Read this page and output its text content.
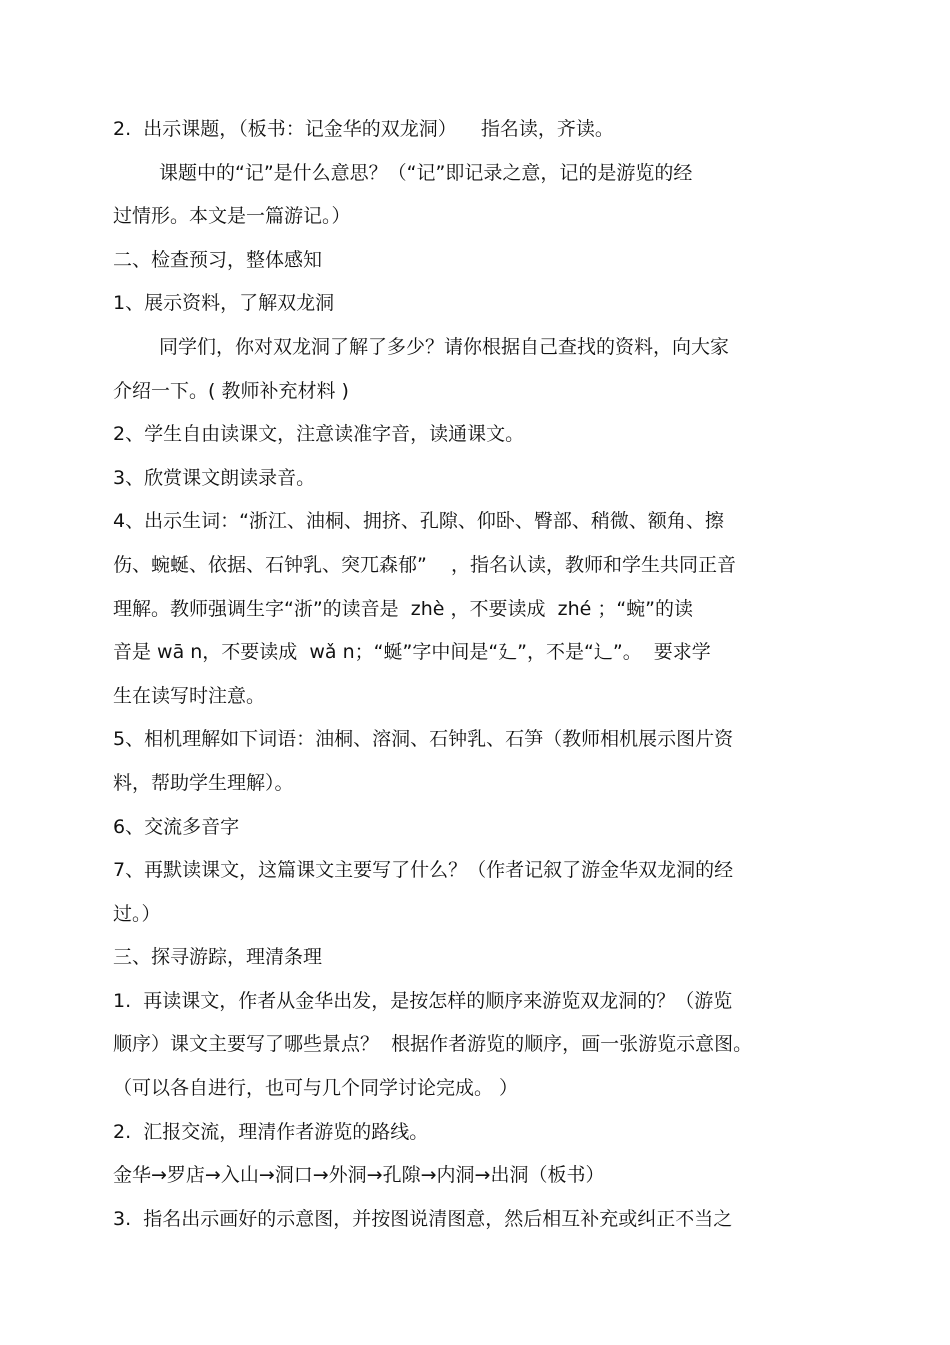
2.  出示课题，（板书：记金华的双龙洞）    指名读，齐读。
课题中的“记”是什么意思？（“记”即记录之意，记的是游览的经
过情形。本文是一篇游记。）
二、检查预习，整体感知
1、展示资料，了解双龙洞
同学们，你对双龙洞了解了多少？请你根据自己查找的资料，向大家
介绍一下。( 教师补充材料 )
2、学生自由读课文，注意读准字音，读通课文。
3、欣赏课文朗读录音。
4、出示生词：“浙江、油桐、拥挤、孔隙、仰卧、臀部、稍微、额角、擦
伤、蜿蜒、依据、石钟乳、突兀森郁”    ，指名认读，教师和学生共同正音
理解。教师强调生字“浙”的读音是  zhè ，不要读成  zhé ；“蜿”的读
音是 wā n，不要读成  wǎ n；“蜒”字中间是“廴”，不是“辶”。  要求学
生在读写时注意。
5、相机理解如下词语：油桐、溶洞、石钟乳、石笋（教师相机展示图片资
料，帮助学生理解）。
6、交流多音字
7、再默读课文，这篇课文主要写了什么？（作者记叙了游金华双龙洞的经
过。）
三、探寻游踪，理清条理
1.  再读课文，作者从金华出发，是按怎样的顺序来游览双龙洞的？（游览
顺序）课文主要写了哪些景点？  根据作者游览的顺序，画一张游览示意图。
（可以各自进行，也可与几个同学讨论完成。 ）
2.  汇报交流，理清作者游览的路线。
金华→罗店→入山→洞口→外洞→孔隙→内洞→出洞（板书）
3.  指名出示画好的示意图，并按图说清图意，然后相互补充或纠正不当之
